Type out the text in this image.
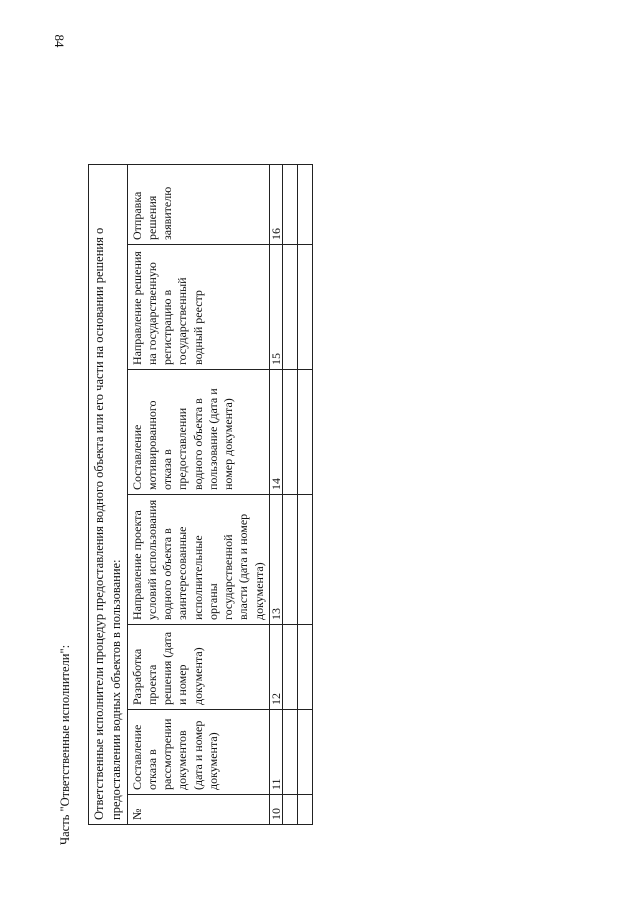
84
Часть "Ответственные исполнители": Ответственные исполнители процедур предоставления водного объекта или его части на основании решения о предоставлении водных объектов в пользование:						

№	Составление отказа в рассмотрении документов (дата и номер документа)	Разработка проекта решения (дата и номер документа)	Направление проекта условий использования водного объекта в заинтересованные исполнительные органы государственной власти (дата и номер документа)	Составление мотивированного отказа в предоставлении водного объекта в пользование (дата и номер документа)	Направление решения на государственную регистрацию в государственный водный реестр	Отправка решения заявителю

10	11	12	13	14	15	16
